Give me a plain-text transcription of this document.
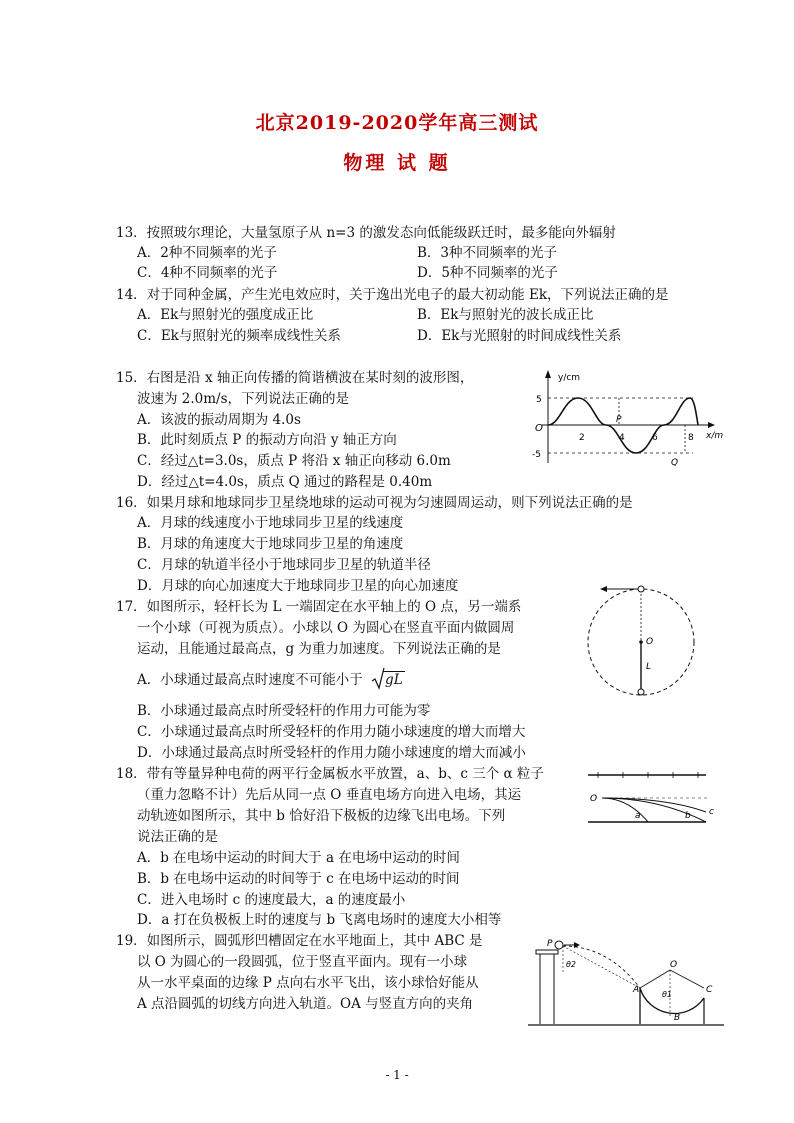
北京2019-2020学年高三测试
物理 试 题
13．按照玻尔理论，大量氢原子从 n=3 的激发态向低能级跃迁时，最多能向外辐射
A．2种不同频率的光子	B．3种不同频率的光子
C．4种不同频率的光子	D．5种不同频率的光子
14．对于同种金属，产生光电效应时，关于逸出光电子的最大初动能 Ek，下列说法正确的是
A．Ek与照射光的强度成正比	B．Ek与照射光的波长成正比
C．Ek与照射光的频率成线性关系	D．Ek与光照射的时间成线性关系
15．右图是沿 x 轴正向传播的简谐横波在某时刻的波形图，
波速为 2.0m/s，下列说法正确的是
A．该波的振动周期为 4.0s
B．此时刻质点 P 的振动方向沿 y 轴正方向
C．经过△t=3.0s，质点 P 将沿 x 轴正向移动 6.0m
D．经过△t=4.0s，质点 Q 通过的路程是 0.40m
y/cm
x/m
O
5
-5
2	4	6	8
P
Q
16．如果月球和地球同步卫星绕地球的运动可视为匀速圆周运动，则下列说法正确的是
A．月球的线速度小于地球同步卫星的线速度
B．月球的角速度大于地球同步卫星的角速度
C．月球的轨道半径小于地球同步卫星的轨道半径
D．月球的向心加速度大于地球同步卫星的向心加速度
17．如图所示，轻杆长为 L 一端固定在水平轴上的 O 点，另一端系
一个小球（可视为质点）。小球以 O 为圆心在竖直平面内做圆周
运动，且能通过最高点，g 为重力加速度。下列说法正确的是
A．小球通过最高点时速度不可能小于 gL
B．小球通过最高点时所受轻杆的作用力可能为零
C．小球通过最高点时所受轻杆的作用力随小球速度的增大而增大
D．小球通过最高点时所受轻杆的作用力随小球速度的增大而减小
O
L
18．带有等量异种电荷的两平行金属板水平放置，a、b、c 三个 α 粒子
（重力忽略不计）先后从同一点 O 垂直电场方向进入电场，其运
动轨迹如图所示，其中 b 恰好沿下极板的边缘飞出电场。下列
说法正确的是
A．b 在电场中运动的时间大于 a 在电场中运动的时间
B．b 在电场中运动的时间等于 c 在电场中运动的时间
C．进入电场时 c 的速度最大，a 的速度最小
D．a 打在负极板上时的速度与 b 飞离电场时的速度大小相等
O
a	b c
19．如图所示，圆弧形凹槽固定在水平地面上，其中 ABC 是
以 O 为圆心的一段圆弧，位于竖直平面内。现有一小球
从一水平桌面的边缘 P 点向右水平飞出，该小球恰好能从
A 点沿圆弧的切线方向进入轨道。OA 与竖直方向的夹角
P
θ2	O
A	θ1
B
C
- 1 -
